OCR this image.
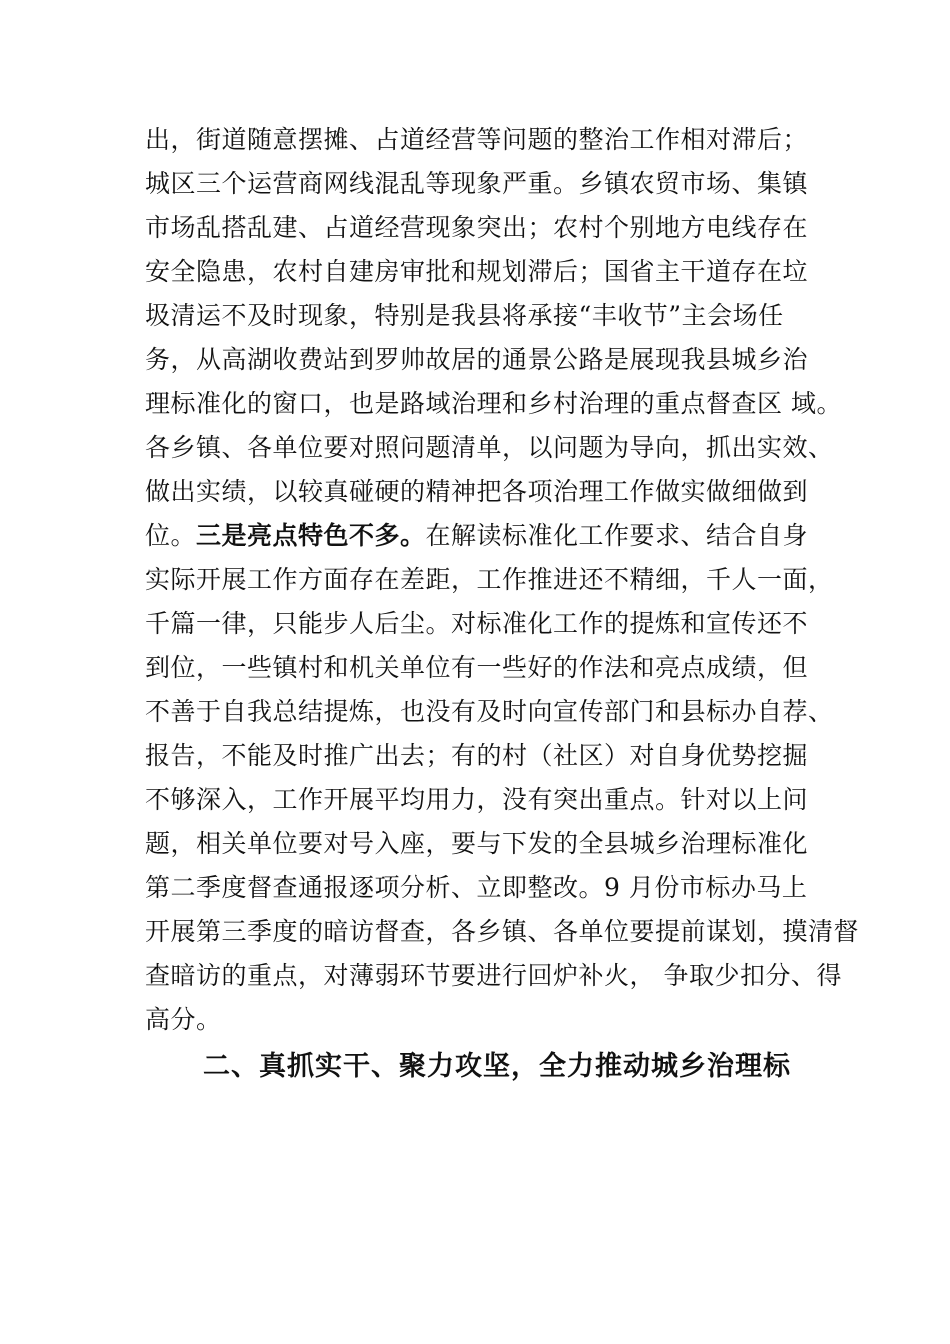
出，街道随意摆摊、占道经营等问题的整治工作相对滞后；
城区三个运营商网线混乱等现象严重。乡镇农贸市场、集镇
市场乱搭乱建、占道经营现象突出；农村个别地方电线存在
安全隐患，农村自建房审批和规划滞后；国省主干道存在垃
圾清运不及时现象，特别是我县将承接“丰收节”主会场任
务，从高湖收费站到罗帅故居的通景公路是展现我县城乡治
理标准化的窗口，也是路域治理和乡村治理的重点督查区 域。
各乡镇、各单位要对照问题清单，以问题为导向，抓出实效、
做出实绩，以较真碰硬的精神把各项治理工作做实做细做到
位。三是亮点特色不多。在解读标准化工作要求、结合自身
实际开展工作方面存在差距，工作推进还不精细，千人一面，
千篇一律，只能步人后尘。对标准化工作的提炼和宣传还不
到位，一些镇村和机关单位有一些好的作法和亮点成绩，但
不善于自我总结提炼，也没有及时向宣传部门和县标办自荐、
报告，不能及时推广出去；有的村（社区）对自身优势挖掘
不够深入，工作开展平均用力，没有突出重点。针对以上问
题，相关单位要对号入座，要与下发的全县城乡治理标准化
第二季度督查通报逐项分析、立即整改。9 月份市标办马上
开展第三季度的暗访督查，各乡镇、各单位要提前谋划，摸清督
查暗访的重点，对薄弱环节要进行回炉补火， 争取少扣分、得
高分。
二、真抓实干、聚力攻坚，全力推动城乡治理标
